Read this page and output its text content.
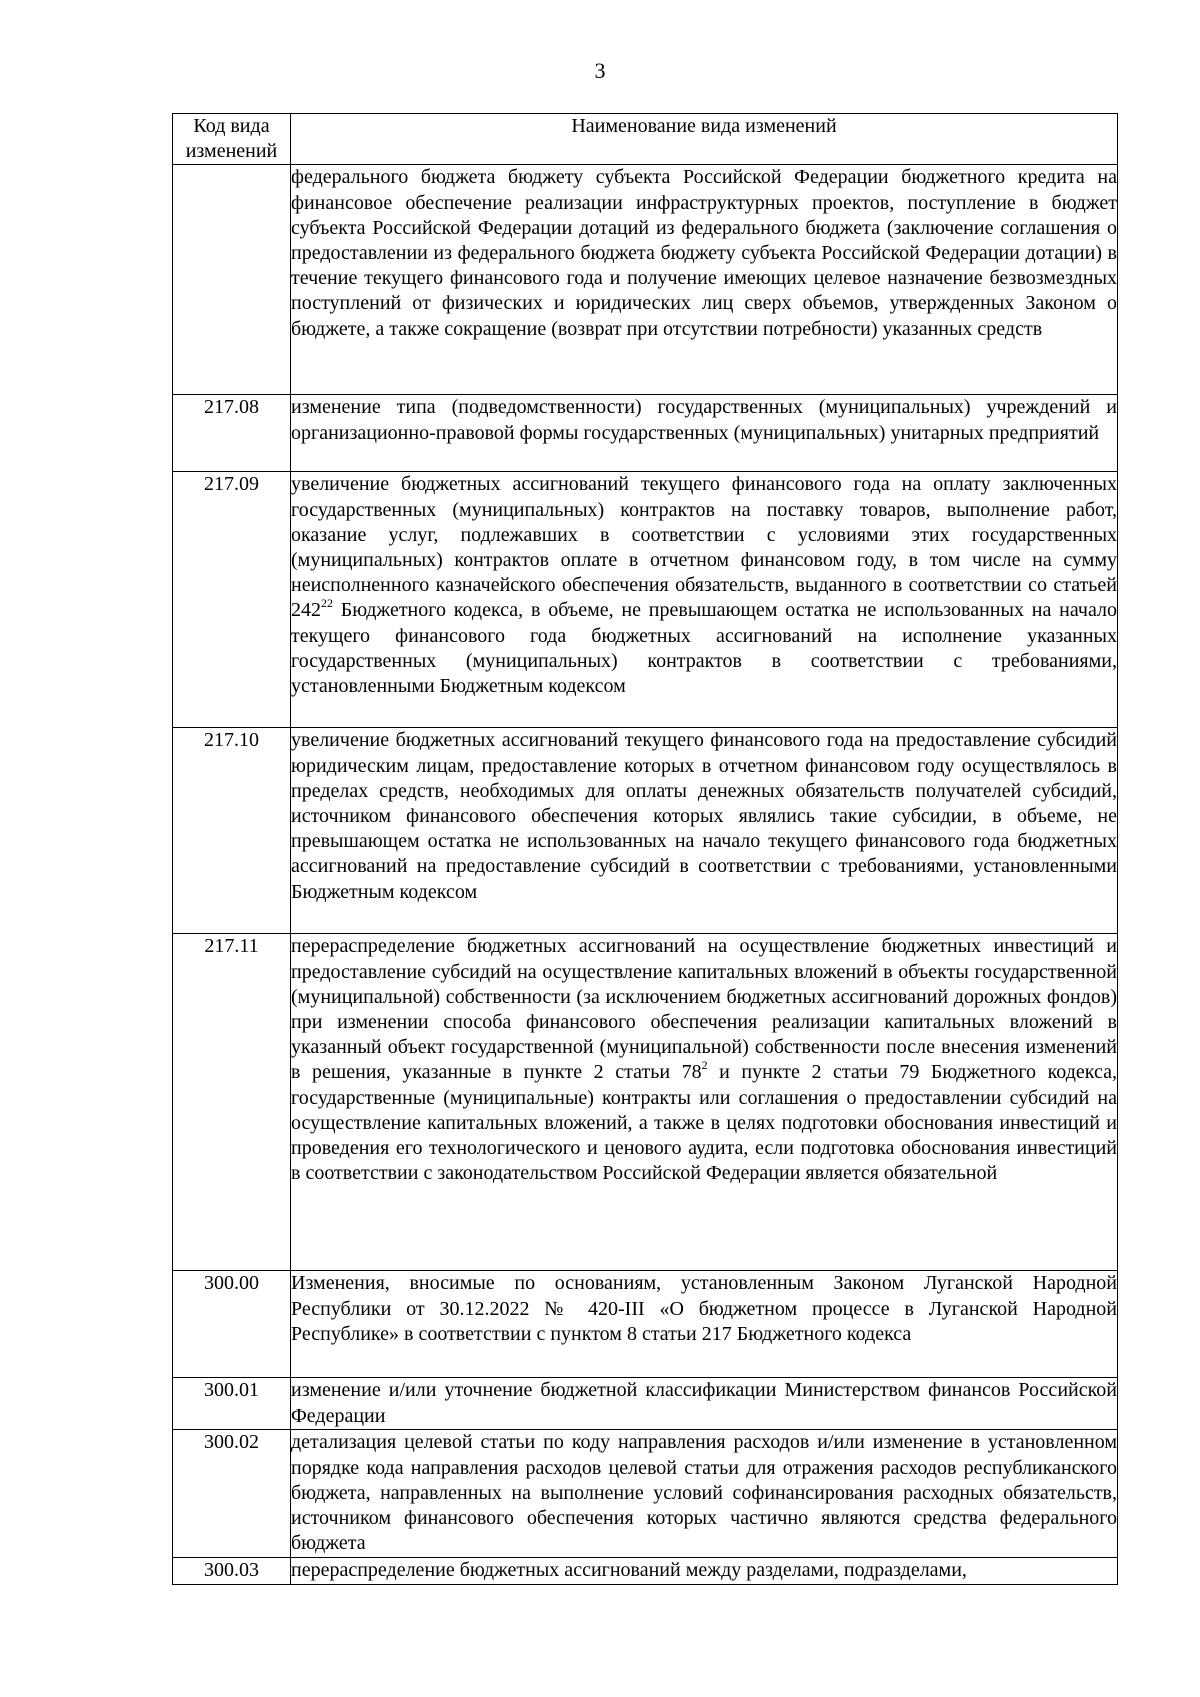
3
Код вида изменений	Наименование вида изменений
	федерального бюджета бюджету субъекта Российской Федерации бюджетного кредита на финансовое обеспечение реализации инфраструктурных проектов, поступление в бюджет субъекта Российской Федерации дотаций из федерального бюджета (заключение соглашения о предоставлении из федерального бюджета бюджету субъекта Российской Федерации дотации) в течение текущего финансового года и получение имеющих целевое назначение безвозмездных поступлений от физических и юридических лиц сверх объемов, утвержденных Законом о бюджете, а также сокращение (возврат при отсутствии потребности) указанных средств
217.08	изменение типа (подведомственности) государственных (муниципальных) учреждений и организационно-правовой формы государственных (муниципальных) унитарных предприятий
217.09	увеличение бюджетных ассигнований текущего финансового года на оплату заключенных государственных (муниципальных) контрактов на поставку товаров, выполнение работ, оказание услуг, подлежавших в соответствии с условиями этих государственных (муниципальных) контрактов оплате в отчетном финансовом году, в том числе на сумму неисполненного казначейского обеспечения обязательств, выданного в соответствии со статьей $242^{22}$ Бюджетного кодекса, в объеме, не превышающем остатка не использованных на начало текущего финансового года бюджетных ассигнований на исполнение указанных государственных (муниципальных) контрактов в соответствии с требованиями, установленными Бюджетным кодексом
217.10	увеличение бюджетных ассигнований текущего финансового года на предоставление субсидий юридическим лицам, предоставление которых в отчетном финансовом году осуществлялось в пределах средств, необходимых для оплаты денежных обязательств получателей субсидий, источником финансового обеспечения которых являлись такие субсидии, в объеме, не превышающем остатка не использованных на начало текущего финансового года бюджетных ассигнований на предоставление субсидий в соответствии с требованиями, установленными Бюджетным кодексом
217.11	перераспределение бюджетных ассигнований на осуществление бюджетных инвестиций и предоставление субсидий на осуществление капитальных вложений в объекты государственной (муниципальной) собственности (за исключением бюджетных ассигнований дорожных фондов) при изменении способа финансового обеспечения реализации капитальных вложений в указанный объект государственной (муниципальной) собственности после внесения изменений в решения, указанные в пункте 2 статьи $78^2$ и пункте 2 статьи 79 Бюджетного кодекса, государственные (муниципальные) контракты или соглашения о предоставлении субсидий на осуществление капитальных вложений, а также в целях подготовки обоснования инвестиций и проведения его технологического и ценового аудита, если подготовка обоснования инвестиций в соответствии с законодательством Российской Федерации является обязательной
300.00	Изменения, вносимые по основаниям, установленным Законом Луганской Народной Республики от 30.12.2022 № 420-III «О бюджетном процессе в Луганской Народной Республике» в соответствии с пунктом 8 статьи 217 Бюджетного кодекса
300.01	изменение и/или уточнение бюджетной классификации Министерством финансов Российской Федерации
300.02	детализация целевой статьи по коду направления расходов и/или изменение в установленном порядке кода направления расходов целевой статьи для отражения расходов республиканского бюджета, направленных на выполнение условий софинансирования расходных обязательств, источником финансового обеспечения которых частично являются средства федерального бюджета
300.03	перераспределение бюджетных ассигнований между разделами, подразделами,
